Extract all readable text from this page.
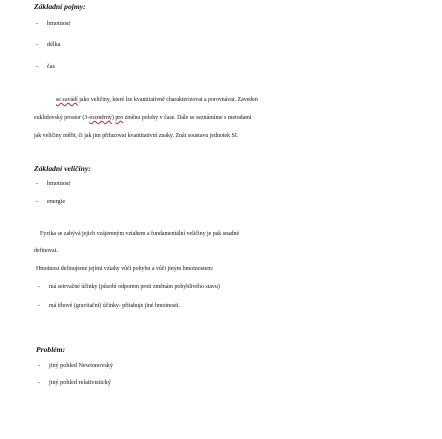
Základní pojmy:
- hmotnost
- délka
- čas
se zavádí jako veličiny, které lze kvantitativně charakterizovat a porovnávat. Zaveden
euklidovský prostor (3-rozměrný) pro změnu polohy v čase. Dále se seznámíme s metodami
jak veličiny měřit, či jak jim přiřazovat kvantitativní znaky. Znát soustavu jednotek SI.
Základní veličiny:
- hmotnost
- energie
Fyzika se zabývá jejich vzájemným vztahem a fundamentální veličiny je pak snadné
definovat.
Hmotnost definujeme jejími vztahy vůči pohybu a vůči jiným hmotnostem:
- má setrvačné účinky (působí odporem proti změnám pohyblivého stavu)
- má tíhové (gravitační) účinky- přitahuje jiné hmotnosti.
Problém:
- jiný pohled Newtonovský
- jiný pohled relativistický
